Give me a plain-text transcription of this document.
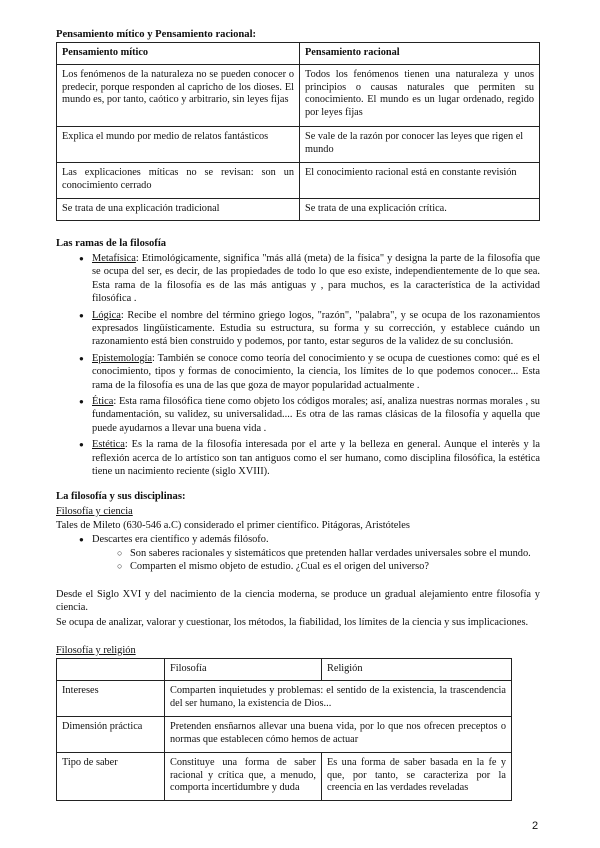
Pensamiento mítico y Pensamiento racional:
Pensamiento mítico	Pensamiento racional
Los fenómenos de la naturaleza no se pueden conocer o predecir, porque responden al capricho de los dioses. El mundo es, por tanto, caótico y arbitrario, sin leyes fijas	Todos los fenómenos tienen una naturaleza y unos principios o causas naturales que permiten su conocimiento. El mundo es un lugar ordenado, regido por leyes fijas
Explica el mundo por medio de relatos fantásticos	Se vale de la razón por conocer las leyes que rigen el mundo
Las explicaciones míticas no se revisan: son un conocimiento cerrado	El conocimiento racional está en constante revisión
Se trata de una explicación tradicional	Se trata de una explicación crítica.
Las ramas de la filosofía
● Metafísica: Etimológicamente, significa "más allá (meta) de la física" y designa la parte de la filosofía que se ocupa del ser, es decir, de las propiedades de todo lo que eso existe, independientemente de lo que sea. Esta rama de la filosofía es de las más antiguas y , para muchos, es la característica de la actividad filosófica .
● Lógica: Recibe el nombre del término griego logos, "razón", "palabra", y se ocupa de los razonamientos expresados lingüísticamente. Estudia su estructura, su forma y su corrección, y establece cuándo un razonamiento está bien construido y podemos, por tanto, estar seguros de la validez de su conclusión.
● Epistemología: También se conoce como teoría del conocimiento y se ocupa de cuestiones como: qué es el conocimiento, tipos y formas de conocimiento, la ciencia, los límites de lo que podemos conocer... Esta rama de la filosofía es una de las que goza de mayor popularidad actualmente .
● Ética: Esta rama filosófica tiene como objeto los códigos morales; así, analiza nuestras normas morales , su fundamentación, su validez, su universalidad.... Es otra de las ramas clásicas de la filosofía y aquella que puede ayudarnos a llevar una buena vida .
● Estética: Es la rama de la filosofía interesada por el arte y la belleza en general. Aunque el interès y la reflexión acerca de lo artístico son tan antiguos como el ser humano, como disciplina filosófica, la estética tiene un nacimiento reciente (siglo XVIII).
La filosofía y sus disciplinas:
Filosofía y ciencia
Tales de Mileto (630-546 a.C) considerado el primer científico. Pitágoras, Aristóteles
● Descartes era científico y además filósofo.
○ Son saberes racionales y sistemáticos que pretenden hallar verdades universales sobre el mundo.
○ Comparten el mismo objeto de estudio. ¿Cual es el origen del universo?
Desde el Siglo XVI y del nacimiento de la ciencia moderna, se produce un gradual alejamiento entre filosofía y ciencia.
Se ocupa de analizar, valorar y cuestionar, los métodos, la fiabilidad, los límites de la ciencia y sus implicaciones.
Filosofía y religión
	Filosofía	Religión
Intereses	Comparten inquietudes y problemas: el sentido de la existencia, la trascendencia del ser humano, la existencia de Dios...	
Dimensión práctica	Pretenden ensñarnos allevar una buena vida, por lo que nos ofrecen preceptos o normas que establecen cómo hemos de actuar	
Tipo de saber	Constituye una forma de saber racional y crítica que, a menudo, comporta incertidumbre y duda	Es una forma de saber basada en la fe y que, por tanto, se caracteriza por la creencia en las verdades reveladas
2
